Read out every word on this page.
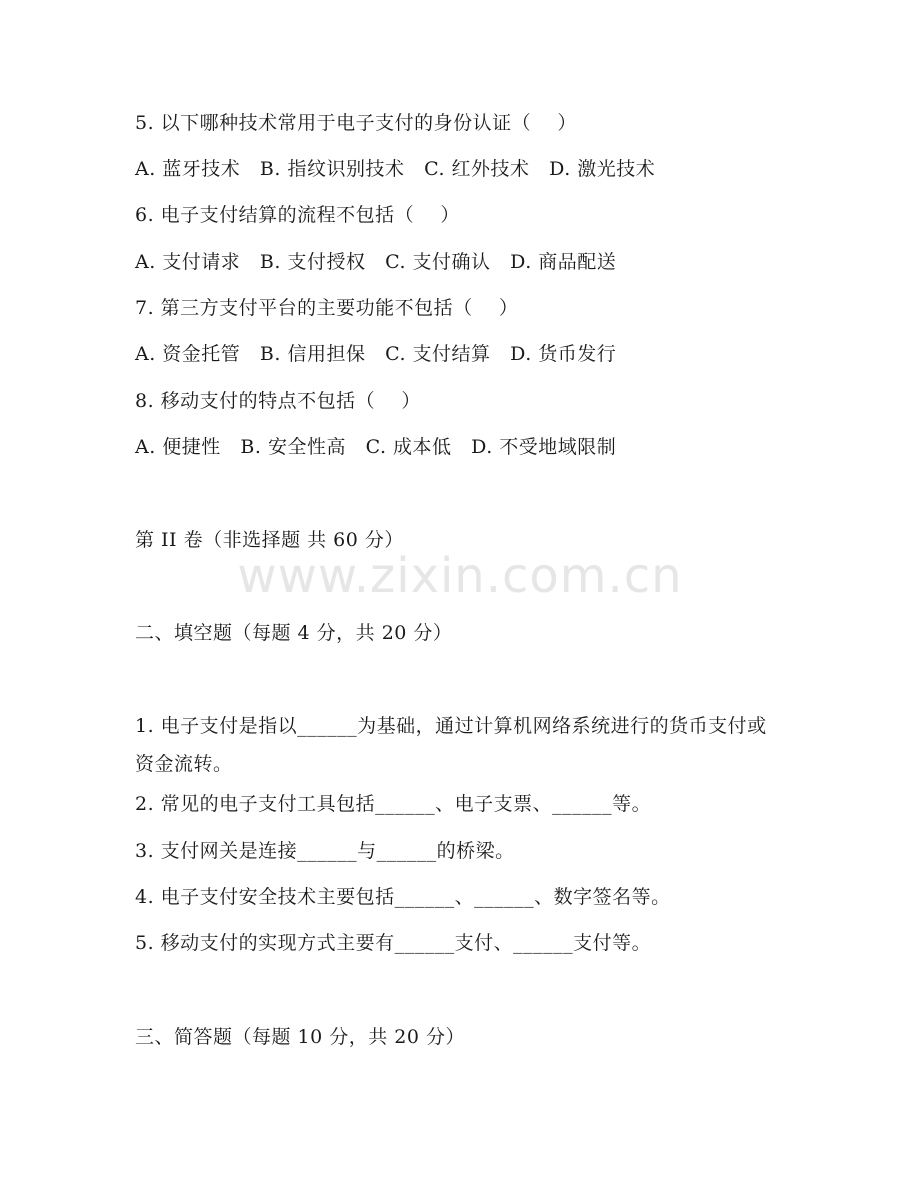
5. 以下哪种技术常用于电子支付的身份认证（    ）
A. 蓝牙技术   B. 指纹识别技术   C. 红外技术   D. 激光技术
6. 电子支付结算的流程不包括（    ）
A. 支付请求   B. 支付授权   C. 支付确认   D. 商品配送
7. 第三方支付平台的主要功能不包括（    ）
A. 资金托管   B. 信用担保   C. 支付结算   D. 货币发行
8. 移动支付的特点不包括（    ）
A. 便捷性   B. 安全性高   C. 成本低   D. 不受地域限制
第 II 卷（非选择题 共 60 分）
www.zixin.com.cn
二、填空题（每题 4 分，共 20 分）
1. 电子支付是指以______为基础，通过计算机网络系统进行的货币支付或资金流转。
2. 常见的电子支付工具包括______、电子支票、______等。
3. 支付网关是连接______与______的桥梁。
4. 电子支付安全技术主要包括______、______、数字签名等。
5. 移动支付的实现方式主要有______支付、______支付等。
三、简答题（每题 10 分，共 20 分）
